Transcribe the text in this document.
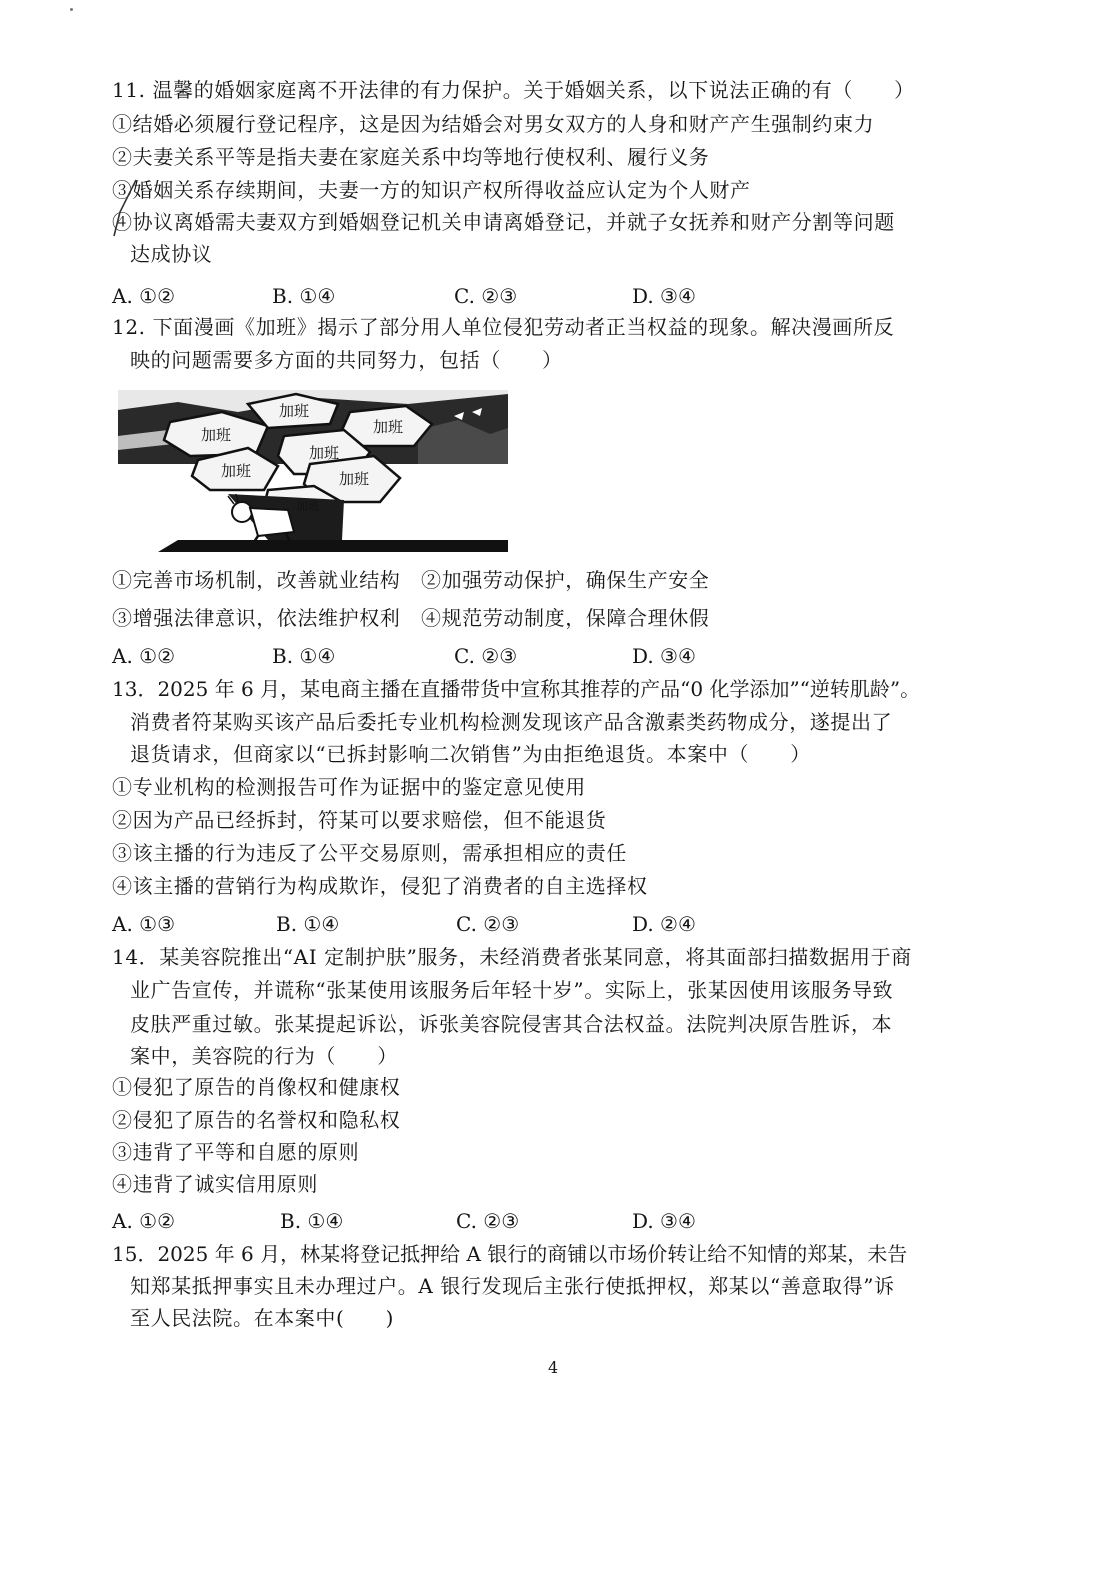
11. 温馨的婚姻家庭离不开法律的有力保护。关于婚姻关系，以下说法正确的有（　　）
①结婚必须履行登记程序，这是因为结婚会对男女双方的人身和财产产生强制约束力
②夫妻关系平等是指夫妻在家庭关系中均等地行使权利、履行义务
③婚姻关系存续期间，夫妻一方的知识产权所得收益应认定为个人财产
④协议离婚需夫妻双方到婚姻登记机关申请离婚登记，并就子女抚养和财产分割等问题
达成协议
A. ①②	B. ①④	C. ②③	D. ③④
12. 下面漫画《加班》揭示了部分用人单位侵犯劳动者正当权益的现象。解决漫画所反
映的问题需要多方面的共同努力，包括（　　）
加班
加班	加班
加班
加班
加班
加班
①完善市场机制，改善就业结构　②加强劳动保护，确保生产安全
③增强法律意识，依法维护权利　④规范劳动制度，保障合理休假
A. ①②	B. ①④	C. ②③	D. ③④
13．2025 年 6 月，某电商主播在直播带货中宣称其推荐的产品“0 化学添加”“逆转肌龄”。
消费者符某购买该产品后委托专业机构检测发现该产品含激素类药物成分，遂提出了
退货请求，但商家以“已拆封影响二次销售”为由拒绝退货。本案中（　　）
①专业机构的检测报告可作为证据中的鉴定意见使用
②因为产品已经拆封，符某可以要求赔偿，但不能退货
③该主播的行为违反了公平交易原则，需承担相应的责任
④该主播的营销行为构成欺诈，侵犯了消费者的自主选择权
A. ①③	B. ①④	C. ②③	D. ②④
14．某美容院推出“AI 定制护肤”服务，未经消费者张某同意，将其面部扫描数据用于商
业广告宣传，并谎称“张某使用该服务后年轻十岁”。实际上，张某因使用该服务导致
皮肤严重过敏。张某提起诉讼，诉张美容院侵害其合法权益。法院判决原告胜诉，本
案中，美容院的行为（　　）
①侵犯了原告的肖像权和健康权
②侵犯了原告的名誉权和隐私权
③违背了平等和自愿的原则
④违背了诚实信用原则
A. ①②	B. ①④	C. ②③	D. ③④
15．2025 年 6 月，林某将登记抵押给 A 银行的商铺以市场价转让给不知情的郑某，未告
知郑某抵押事实且未办理过户。A 银行发现后主张行使抵押权，郑某以“善意取得”诉
至人民法院。在本案中(　　)
4
